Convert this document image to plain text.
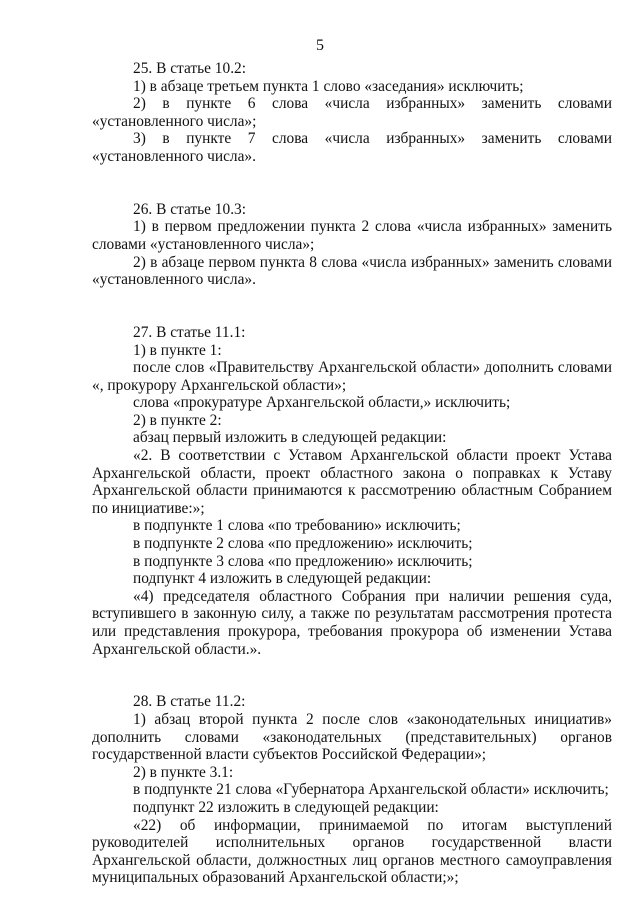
5

25. В статье 10.2:

1) в абзаце третьем пункта 1 слово «заседания» исключить;

2) в пункте 6 слова «числа избранных» заменить словами «установленного числа»;

3) в пункте 7 слова «числа избранных» заменить словами «установленного числа».

26. В статье 10.3:

1) в первом предложении пункта 2 слова «числа избранных» заменить словами «установленного числа»;

2) в абзаце первом пункта 8 слова «числа избранных» заменить словами «установленного числа».

27. В статье 11.1:

1) в пункте 1:

после слов «Правительству Архангельской области» дополнить словами «, прокурору Архангельской области»;

слова «прокуратуре Архангельской области,» исключить;

2) в пункте 2:

абзац первый изложить в следующей редакции:

«2. В соответствии с Уставом Архангельской области проект Устава Архангельской области, проект областного закона о поправках к Уставу Архангельской области принимаются к рассмотрению областным Собранием по инициативе:»;

в подпункте 1 слова «по требованию» исключить;

в подпункте 2 слова «по предложению» исключить;

в подпункте 3 слова «по предложению» исключить;

подпункт 4 изложить в следующей редакции:

«4) председателя областного Собрания при наличии решения суда, вступившего в законную силу, а также по результатам рассмотрения протеста или представления прокурора, требования прокурора об изменении Устава Архангельской области.».

28. В статье 11.2:

1) абзац второй пункта 2 после слов «законодательных инициатив» дополнить словами «законодательных (представительных) органов государственной власти субъектов Российской Федерации»;

2) в пункте 3.1:

в подпункте 21 слова «Губернатора Архангельской области» исключить;

подпункт 22 изложить в следующей редакции:

«22) об информации, принимаемой по итогам выступлений руководителей исполнительных органов государственной власти Архангельской области, должностных лиц органов местного самоуправления муниципальных образований Архангельской области;»;
